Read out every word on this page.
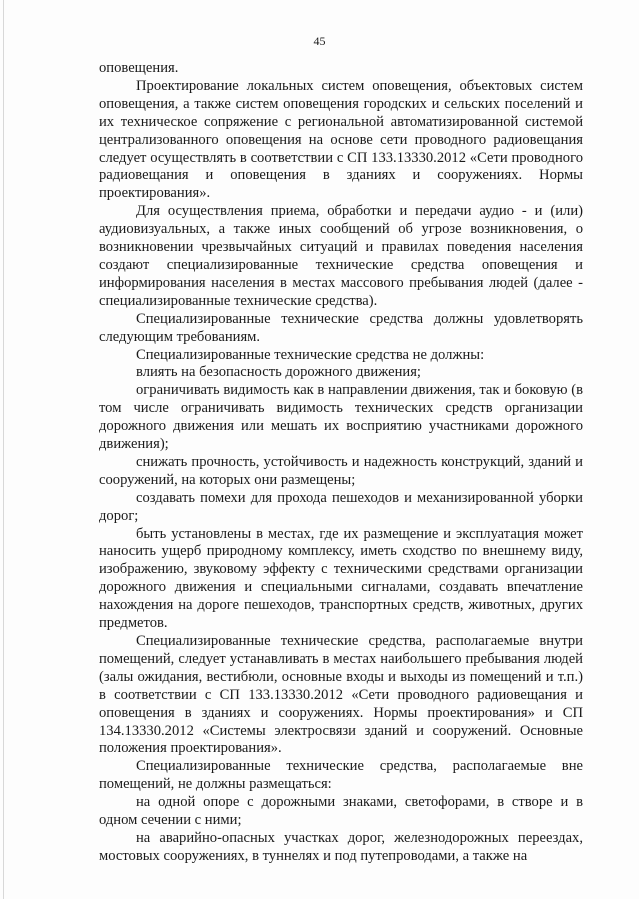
45

оповещения.

Проектирование локальных систем оповещения, объектовых систем оповещения, а также систем оповещения городских и сельских поселений и их техническое сопряжение с региональной автоматизированной системой централизованного оповещения на основе сети проводного радиовещания следует осуществлять в соответствии с СП 133.13330.2012 «Сети проводного радиовещания и оповещения в зданиях и сооружениях. Нормы проектирования».

Для осуществления приема, обработки и передачи аудио - и (или) аудиовизуальных, а также иных сообщений об угрозе возникновения, о возникновении чрезвычайных ситуаций и правилах поведения населения создают специализированные технические средства оповещения и информирования населения в местах массового пребывания людей (далее - специализированные технические средства).

Специализированные технические средства должны удовлетворять следующим требованиям.

Специализированные технические средства не должны:

влиять на безопасность дорожного движения;

ограничивать видимость как в направлении движения, так и боковую (в том числе ограничивать видимость технических средств организации дорожного движения или мешать их восприятию участниками дорожного движения);

снижать прочность, устойчивость и надежность конструкций, зданий и сооружений, на которых они размещены;

создавать помехи для прохода пешеходов и механизированной уборки дорог;

быть установлены в местах, где их размещение и эксплуатация может наносить ущерб природному комплексу, иметь сходство по внешнему виду, изображению, звуковому эффекту с техническими средствами организации дорожного движения и специальными сигналами, создавать впечатление нахождения на дороге пешеходов, транспортных средств, животных, других предметов.

Специализированные технические средства, располагаемые внутри помещений, следует устанавливать в местах наибольшего пребывания людей (залы ожидания, вестибюли, основные входы и выходы из помещений и т.п.) в соответствии с СП 133.13330.2012 «Сети проводного радиовещания и оповещения в зданиях и сооружениях. Нормы проектирования» и СП 134.13330.2012 «Системы электросвязи зданий и сооружений. Основные положения проектирования».

Специализированные технические средства, располагаемые вне помещений, не должны размещаться:

на одной опоре с дорожными знаками, светофорами, в створе и в одном сечении с ними;

на аварийно-опасных участках дорог, железнодорожных переездах, мостовых сооружениях, в туннелях и под путепроводами, а также на
